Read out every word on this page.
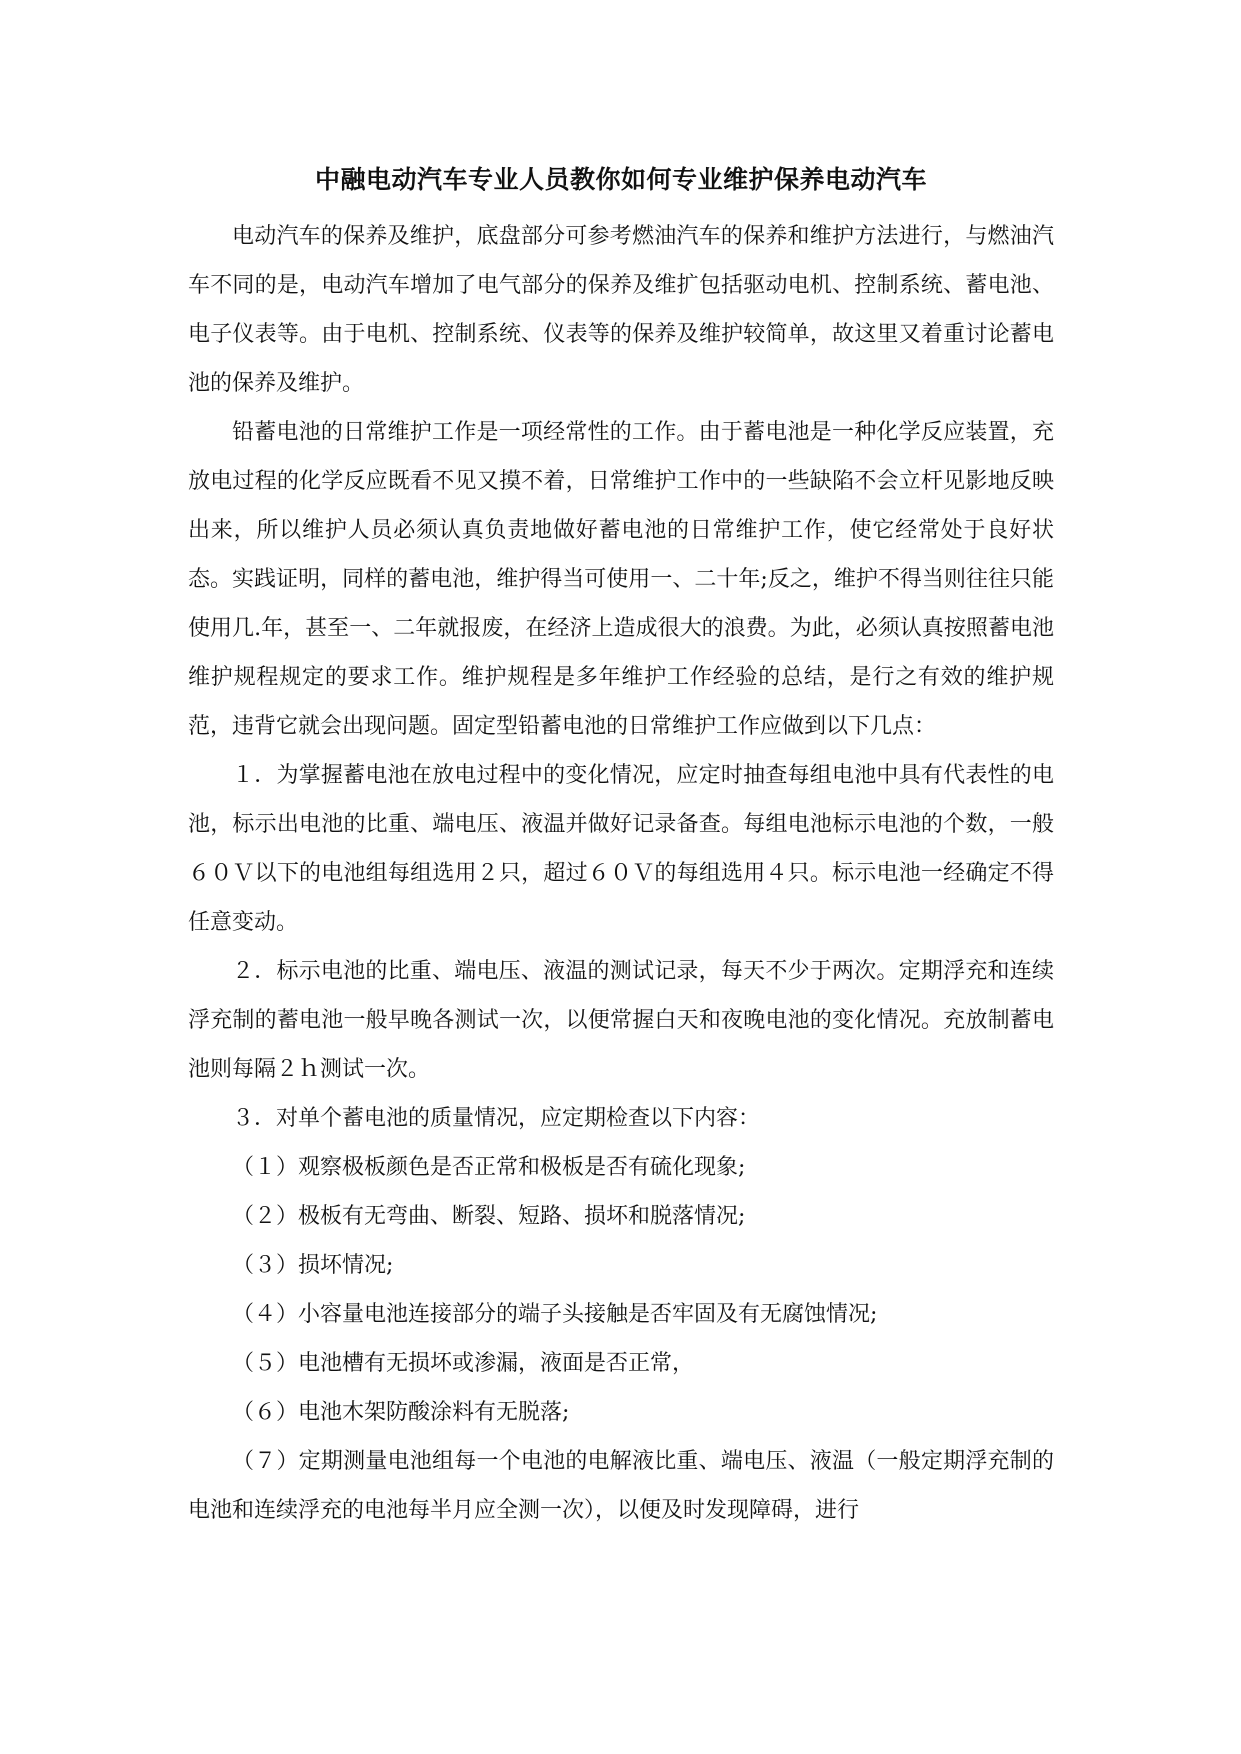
中融电动汽车专业人员教你如何专业维护保养电动汽车

电动汽车的保养及维护，底盘部分可参考燃油汽车的保养和维护方法进行，与燃油汽车不同的是，电动汽车增加了电气部分的保养及维扩包括驱动电机、控制系统、蓄电池、电子仪表等。由于电机、控制系统、仪表等的保养及维护较简单，故这里又着重讨论蓄电池的保养及维护。

铅蓄电池的日常维护工作是一项经常性的工作。由于蓄电池是一种化学反应装置，充放电过程的化学反应既看不见又摸不着，日常维护工作中的一些缺陷不会立杆见影地反映出来，所以维护人员必须认真负责地做好蓄电池的日常维护工作，使它经常处于良好状态。实践证明，同样的蓄电池，维护得当可使用一、二十年;反之，维护不得当则往往只能使用几.年，甚至一、二年就报废，在经济上造成很大的浪费。为此，必须认真按照蓄电池维护规程规定的要求工作。维护规程是多年维护工作经验的总结，是行之有效的维护规范，违背它就会出现问题。固定型铅蓄电池的日常维护工作应做到以下几点：

１．为掌握蓄电池在放电过程中的变化情况，应定时抽查每组电池中具有代表性的电池，标示出电池的比重、端电压、液温并做好记录备查。每组电池标示电池的个数，一般６０Ｖ以下的电池组每组选用２只，超过６０Ｖ的每组选用４只。标示电池一经确定不得任意变动。

２．标示电池的比重、端电压、液温的测试记录，每天不少于两次。定期浮充和连续浮充制的蓄电池一般早晚各测试一次，以便常握白天和夜晚电池的变化情况。充放制蓄电池则每隔２ｈ测试一次。

３．对单个蓄电池的质量情况，应定期检查以下内容：

（１）观察极板颜色是否正常和极板是否有硫化现象;

（２）极板有无弯曲、断裂、短路、损坏和脱落情况;

（３）损坏情况;

（４）小容量电池连接部分的端子头接触是否牢固及有无腐蚀情况;

（５）电池槽有无损坏或渗漏，液面是否正常，

（６）电池木架防酸涂料有无脱落;

（７）定期测量电池组每一个电池的电解液比重、端电压、液温（一般定期浮充制的电池和连续浮充的电池每半月应全测一次），以便及时发现障碍，进行
